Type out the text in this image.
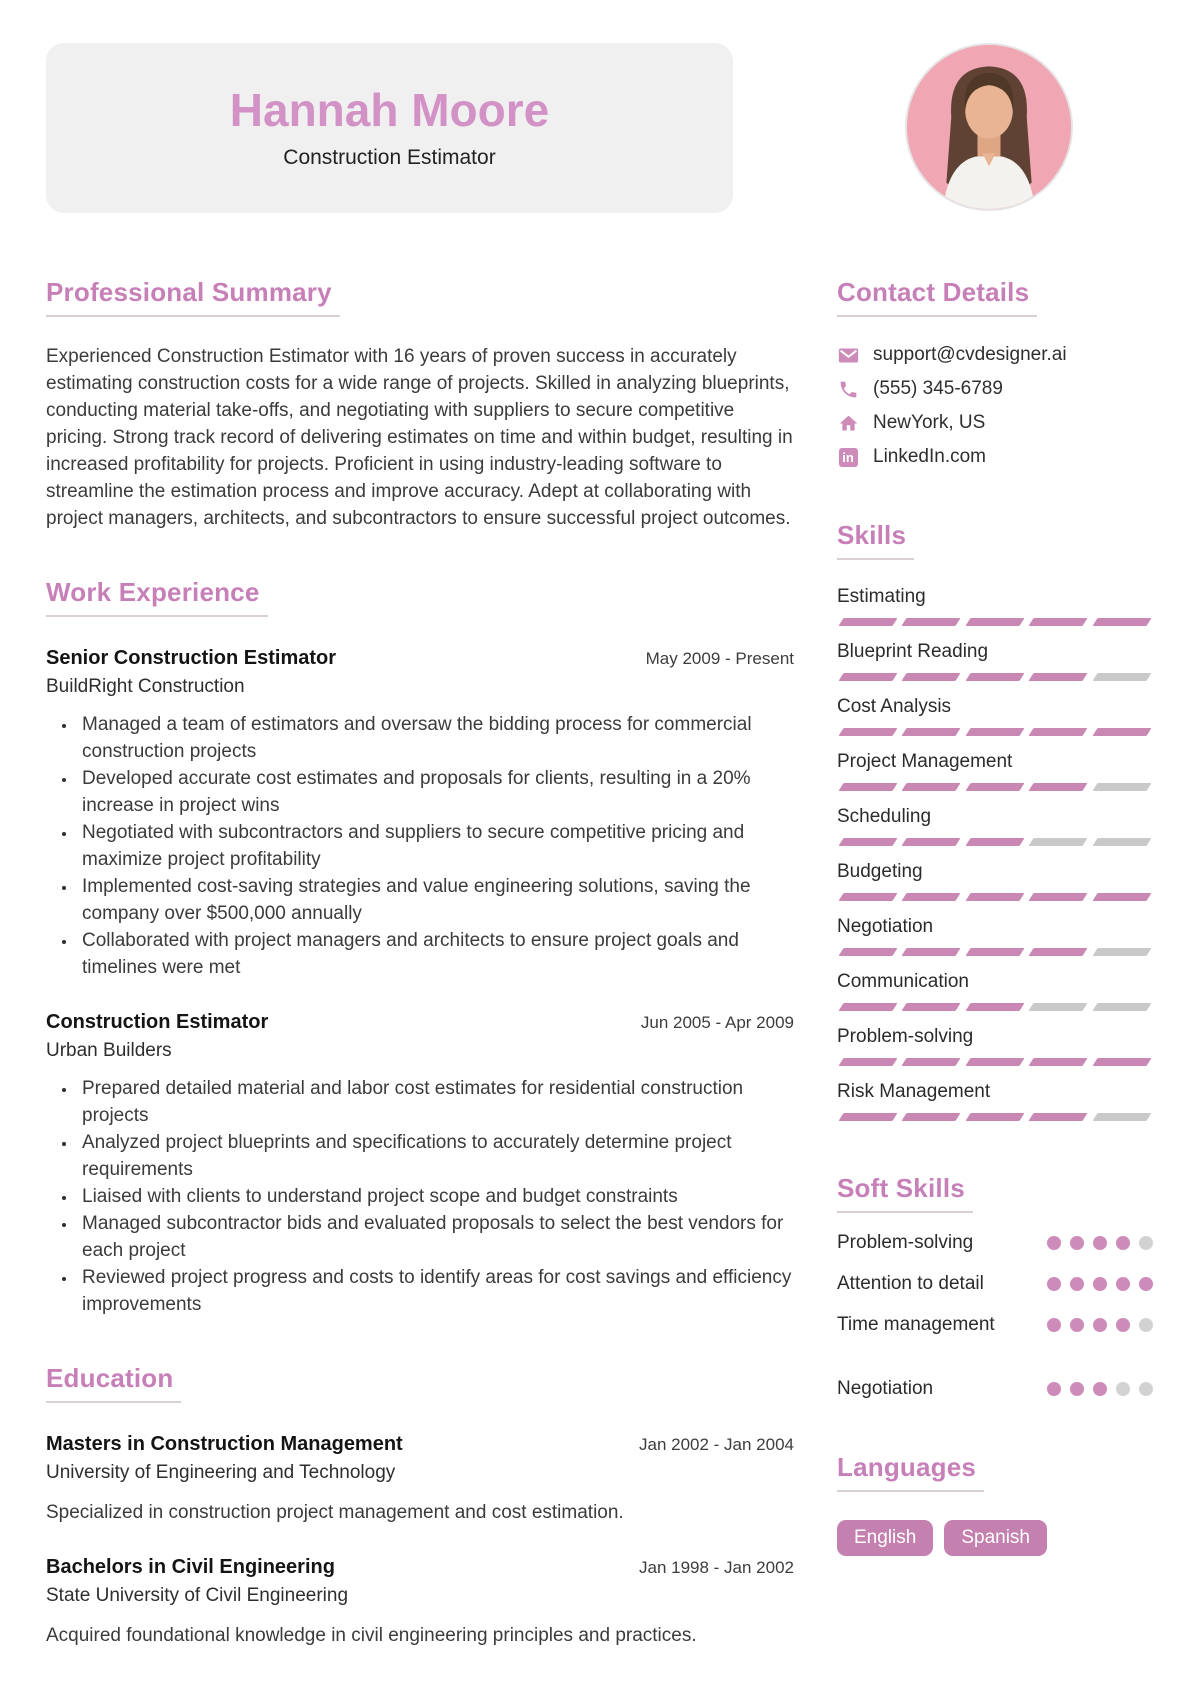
Hannah Moore
Construction Estimator
Professional Summary

Experienced Construction Estimator with 16 years of proven success in accurately estimating construction costs for a wide range of projects. Skilled in analyzing blueprints, conducting material take-offs, and negotiating with suppliers to secure competitive pricing. Strong track record of delivering estimates on time and within budget, resulting in increased profitability for projects. Proficient in using industry-leading software to streamline the estimation process and improve accuracy. Adept at collaborating with project managers, architects, and subcontractors to ensure successful project outcomes.

Work Experience
Senior Construction Estimator	May 2009 - Present
BuildRight Construction
• Managed a team of estimators and oversaw the bidding process for commercial construction projects
• Developed accurate cost estimates and proposals for clients, resulting in a 20% increase in project wins
• Negotiated with subcontractors and suppliers to secure competitive pricing and maximize project profitability
• Implemented cost-saving strategies and value engineering solutions, saving the company over $500,000 annually
• Collaborated with project managers and architects to ensure project goals and timelines were met
Construction Estimator	Jun 2005 - Apr 2009
Urban Builders
• Prepared detailed material and labor cost estimates for residential construction projects
• Analyzed project blueprints and specifications to accurately determine project requirements
• Liaised with clients to understand project scope and budget constraints
• Managed subcontractor bids and evaluated proposals to select the best vendors for each project
• Reviewed project progress and costs to identify areas for cost savings and efficiency improvements
Education
Masters in Construction Management	Jan 2002 - Jan 2004
University of Engineering and Technology
Specialized in construction project management and cost estimation.
Bachelors in Civil Engineering	Jan 1998 - Jan 2002
State University of Civil Engineering
Acquired foundational knowledge in civil engineering principles and practices.
Contact Details
support@cvdesigner.ai
(555) 345-6789
NewYork, US
in
LinkedIn.com
Skills
Estimating
Blueprint Reading
Cost Analysis
Project Management
Scheduling
Budgeting
Negotiation
Communication
Problem-solving
Risk Management
Soft Skills
Problem-solving
Attention to detail
Time management
Negotiation
Languages
English	Spanish
